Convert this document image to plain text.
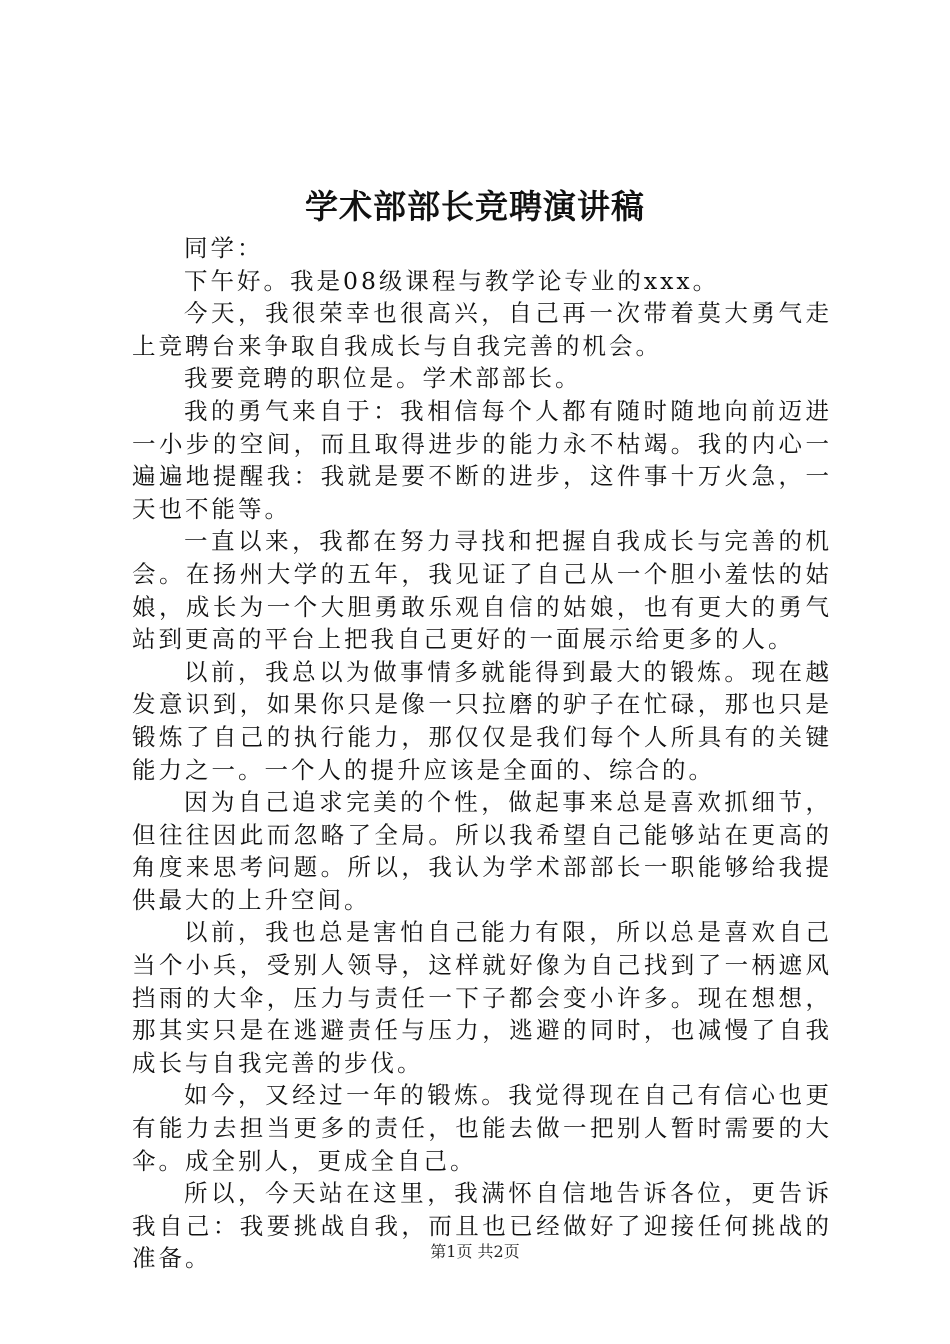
学术部部长竞聘演讲稿

同学：

下午好。我是08级课程与教学论专业的xxx。

今天，我很荣幸也很高兴，自己再一次带着莫大勇气走上竞聘台来争取自我成长与自我完善的机会。

我要竞聘的职位是。学术部部长。

我的勇气来自于：我相信每个人都有随时随地向前迈进一小步的空间，而且取得进步的能力永不枯竭。我的内心一遍遍地提醒我：我就是要不断的进步，这件事十万火急，一天也不能等。

一直以来，我都在努力寻找和把握自我成长与完善的机会。在扬州大学的五年，我见证了自己从一个胆小羞怯的姑娘，成长为一个大胆勇敢乐观自信的姑娘，也有更大的勇气站到更高的平台上把我自己更好的一面展示给更多的人。

以前，我总以为做事情多就能得到最大的锻炼。现在越发意识到，如果你只是像一只拉磨的驴子在忙碌，那也只是锻炼了自己的执行能力，那仅仅是我们每个人所具有的关键能力之一。一个人的提升应该是全面的、综合的。

因为自己追求完美的个性，做起事来总是喜欢抓细节，但往往因此而忽略了全局。所以我希望自己能够站在更高的角度来思考问题。所以，我认为学术部部长一职能够给我提供最大的上升空间。

以前，我也总是害怕自己能力有限，所以总是喜欢自己当个小兵，受别人领导，这样就好像为自己找到了一柄遮风挡雨的大伞，压力与责任一下子都会变小许多。现在想想，那其实只是在逃避责任与压力，逃避的同时，也减慢了自我成长与自我完善的步伐。

如今，又经过一年的锻炼。我觉得现在自己有信心也更有能力去担当更多的责任，也能去做一把别人暂时需要的大伞。成全别人，更成全自己。

所以，今天站在这里，我满怀自信地告诉各位，更告诉我自己：我要挑战自我，而且也已经做好了迎接任何挑战的准备。	第1页 共2页
